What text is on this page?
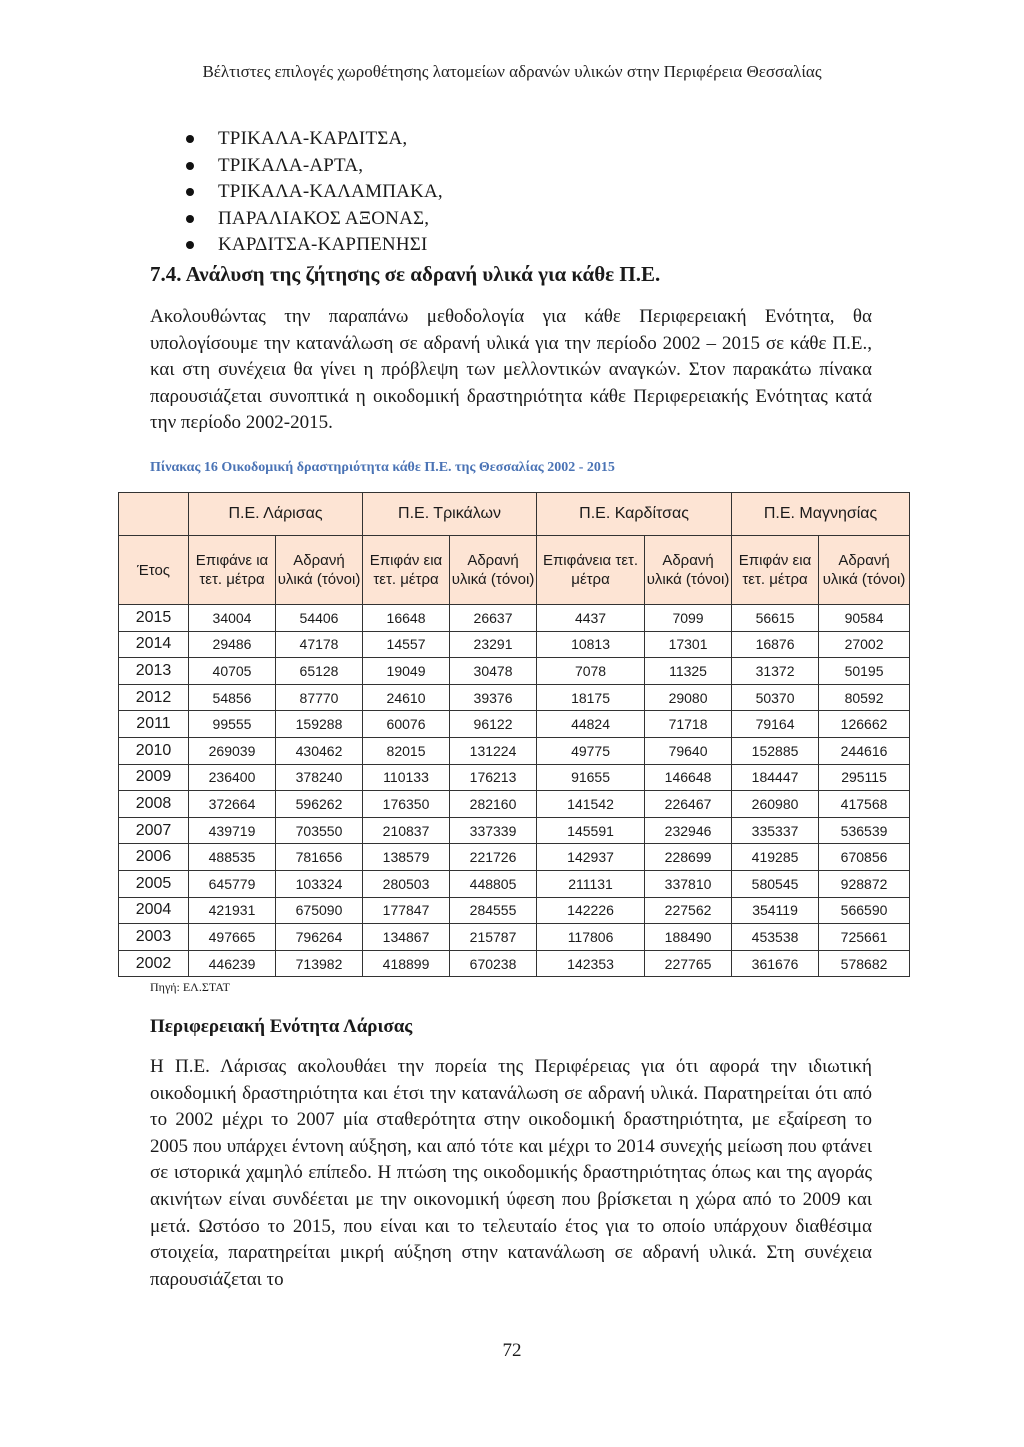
Βέλτιστες επιλογές χωροθέτησης λατομείων αδρανών υλικών στην Περιφέρεια Θεσσαλίας
ΤΡΙΚΑΛΑ-ΚΑΡΔΙΤΣΑ,
ΤΡΙΚΑΛΑ-ΑΡΤΑ,
ΤΡΙΚΑΛΑ-ΚΑΛΑΜΠΑΚΑ,
ΠΑΡΑΛΙΑΚΟΣ ΑΞΟΝΑΣ,
ΚΑΡΔΙΤΣΑ-ΚΑΡΠΕΝΗΣΙ
7.4. Ανάλυση της ζήτησης σε αδρανή υλικά για κάθε Π.Ε.

Ακολουθώντας την παραπάνω μεθοδολογία για κάθε Περιφερειακή Ενότητα, θα υπολογίσουμε την κατανάλωση σε αδρανή υλικά για την περίοδο 2002 – 2015 σε κάθε Π.Ε., και στη συνέχεια θα γίνει η πρόβλεψη των μελλοντικών αναγκών. Στον παρακάτω πίνακα παρουσιάζεται συνοπτικά η οικοδομική δραστηριότητα κάθε Περιφερειακής Ενότητας κατά την περίοδο 2002-2015.

Πίνακας 16 Οικοδομική δραστηριότητα κάθε Π.Ε. της Θεσσαλίας 2002 - 2015

	Π.Ε. Λάρισας		Π.Ε. Τρικάλων		Π.Ε. Καρδίτσας		Π.Ε. Μαγνησίας	
Έτος	Επιφάνε ια τετ. μέτρα	Αδρανή υλικά (τόνοι)	Επιφάν εια τετ. μέτρα	Αδρανή υλικά (τόνοι)	Επιφάνεια τετ. μέτρα	Αδρανή υλικά (τόνοι)	Επιφάν εια τετ. μέτρα	Αδρανή υλικά (τόνοι)
2015	34004	54406	16648	26637	4437	7099	56615	90584
2014	29486	47178	14557	23291	10813	17301	16876	27002
2013	40705	65128	19049	30478	7078	11325	31372	50195
2012	54856	87770	24610	39376	18175	29080	50370	80592
2011	99555	159288	60076	96122	44824	71718	79164	126662
2010	269039	430462	82015	131224	49775	79640	152885	244616
2009	236400	378240	110133	176213	91655	146648	184447	295115
2008	372664	596262	176350	282160	141542	226467	260980	417568
2007	439719	703550	210837	337339	145591	232946	335337	536539
2006	488535	781656	138579	221726	142937	228699	419285	670856
2005	645779	103324	280503	448805	211131	337810	580545	928872
2004	421931	675090	177847	284555	142226	227562	354119	566590
2003	497665	796264	134867	215787	117806	188490	453538	725661
2002	446239	713982	418899	670238	142353	227765	361676	578682

Πηγή: ΕΛ.ΣΤΑΤ

Περιφερειακή Ενότητα Λάρισας

Η Π.Ε. Λάρισας ακολουθάει την πορεία της Περιφέρειας για ότι αφορά την ιδιωτική οικοδομική δραστηριότητα και έτσι την κατανάλωση σε αδρανή υλικά. Παρατηρείται ότι από το 2002 μέχρι το 2007 μία σταθερότητα στην οικοδομική δραστηριότητα, με εξαίρεση το 2005 που υπάρχει έντονη αύξηση, και από τότε και μέχρι το 2014 συνεχής μείωση που φτάνει σε ιστορικά χαμηλό επίπεδο. Η πτώση της οικοδομικής δραστηριότητας όπως και της αγοράς ακινήτων είναι συνδέεται με την οικονομική ύφεση που βρίσκεται η χώρα από το 2009 και μετά. Ωστόσο το 2015, που είναι και το τελευταίο έτος για το οποίο υπάρχουν διαθέσιμα στοιχεία, παρατηρείται μικρή αύξηση στην κατανάλωση σε αδρανή υλικά. Στη συνέχεια παρουσιάζεται το

72
